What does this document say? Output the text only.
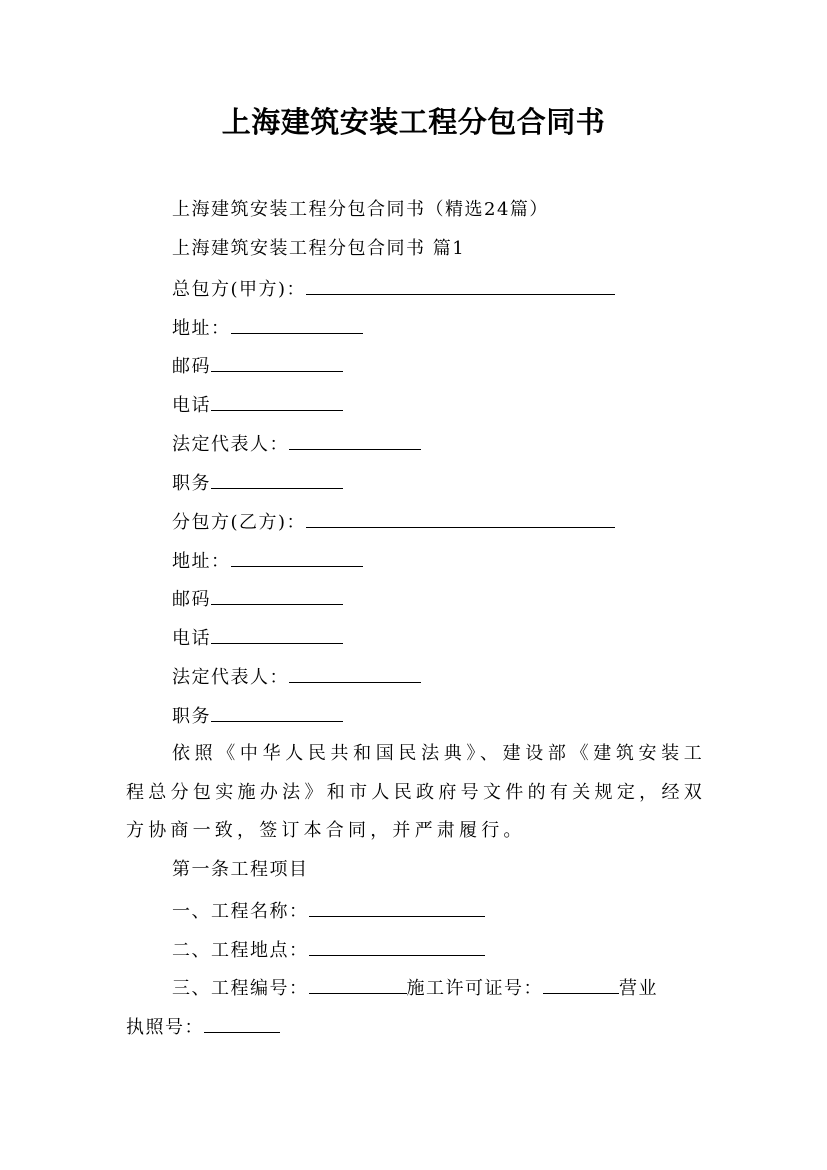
上海建筑安装工程分包合同书
上海建筑安装工程分包合同书（精选24篇）
上海建筑安装工程分包合同书 篇1
总包方(甲方)：
地址：
邮码
电话
法定代表人：
职务
分包方(乙方)：
地址：
邮码
电话
法定代表人：
职务
依照《中华人民共和国民法典》、建设部《建筑安装工程总分包实施办法》和市人民政府号文件的有关规定，经双方协商一致，签订本合同，并严肃履行。
第一条工程项目
一、工程名称：
二、工程地点：
三、工程编号：	施工许可证号：	营业
执照号：
